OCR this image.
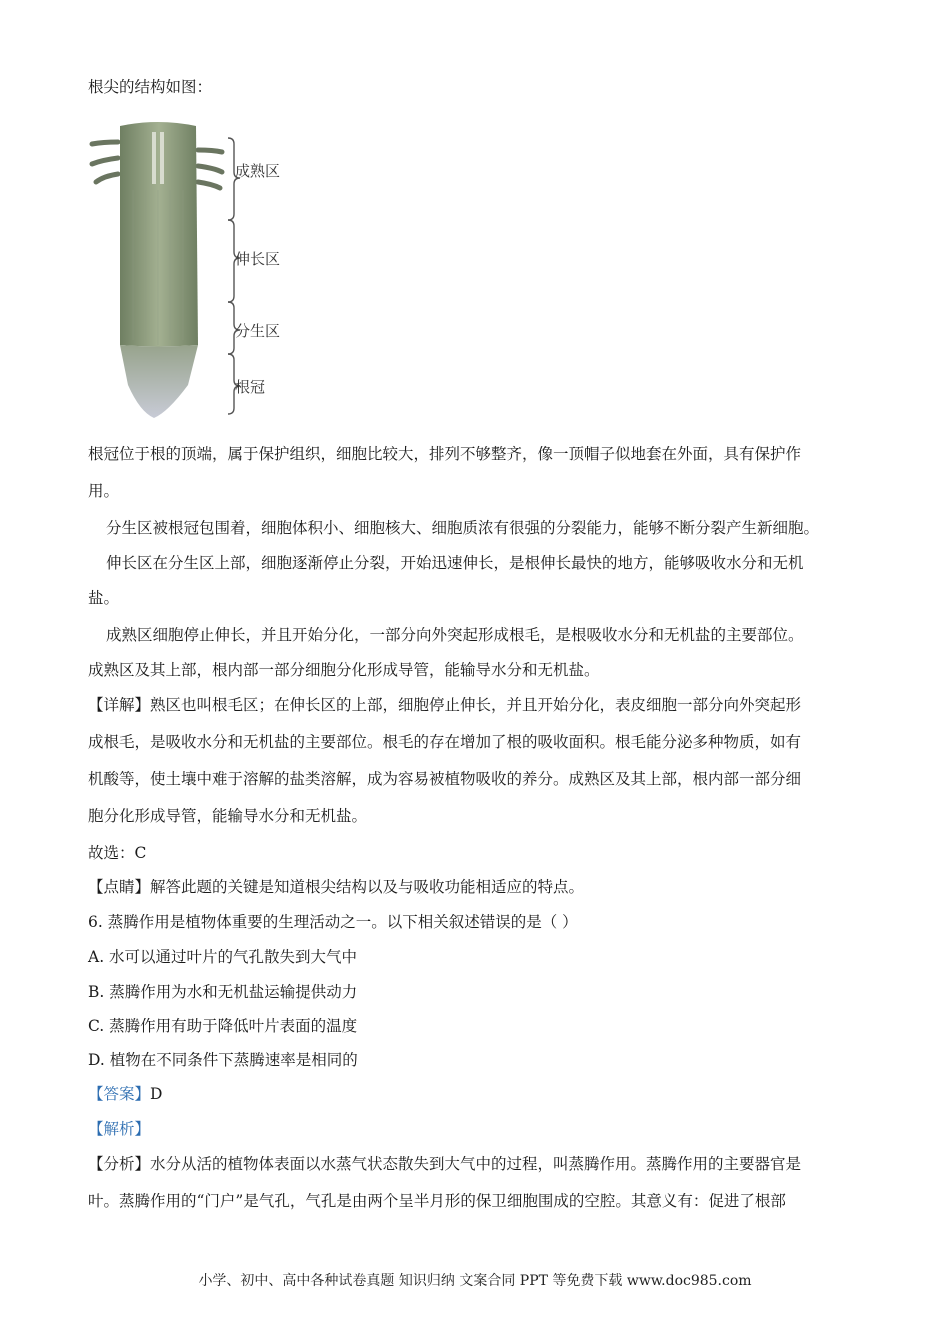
根尖的结构如图：
成熟区
伸长区
分生区
根冠
根冠位于根的顶端，属于保护组织，细胞比较大，排列不够整齐，像一顶帽子似地套在外面，具有保护作
用。
分生区被根冠包围着，细胞体积小、细胞核大、细胞质浓有很强的分裂能力，能够不断分裂产生新细胞。
伸长区在分生区上部，细胞逐渐停止分裂，开始迅速伸长，是根伸长最快的地方，能够吸收水分和无机
盐。
成熟区细胞停止伸长，并且开始分化，一部分向外突起形成根毛，是根吸收水分和无机盐的主要部位。
成熟区及其上部，根内部一部分细胞分化形成导管，能输导水分和无机盐。
【详解】熟区也叫根毛区；在伸长区的上部，细胞停止伸长，并且开始分化，表皮细胞一部分向外突起形
成根毛，是吸收水分和无机盐的主要部位。根毛的存在增加了根的吸收面积。根毛能分泌多种物质，如有
机酸等，使土壤中难于溶解的盐类溶解，成为容易被植物吸收的养分。成熟区及其上部，根内部一部分细
胞分化形成导管，能输导水分和无机盐。
故选：C
【点睛】解答此题的关键是知道根尖结构以及与吸收功能相适应的特点。
6. 蒸腾作用是植物体重要的生理活动之一。以下相关叙述错误的是（ ）
A. 水可以通过叶片的气孔散失到大气中
B. 蒸腾作用为水和无机盐运输提供动力
C. 蒸腾作用有助于降低叶片表面的温度
D. 植物在不同条件下蒸腾速率是相同的
【答案】D
【解析】
【分析】水分从活的植物体表面以水蒸气状态散失到大气中的过程，叫蒸腾作用。蒸腾作用的主要器官是
叶。蒸腾作用的“门户”是气孔，气孔是由两个呈半月形的保卫细胞围成的空腔。其意义有：促进了根部
小学、初中、高中各种试卷真题 知识归纳 文案合同 PPT 等免费下载 www.doc985.com
